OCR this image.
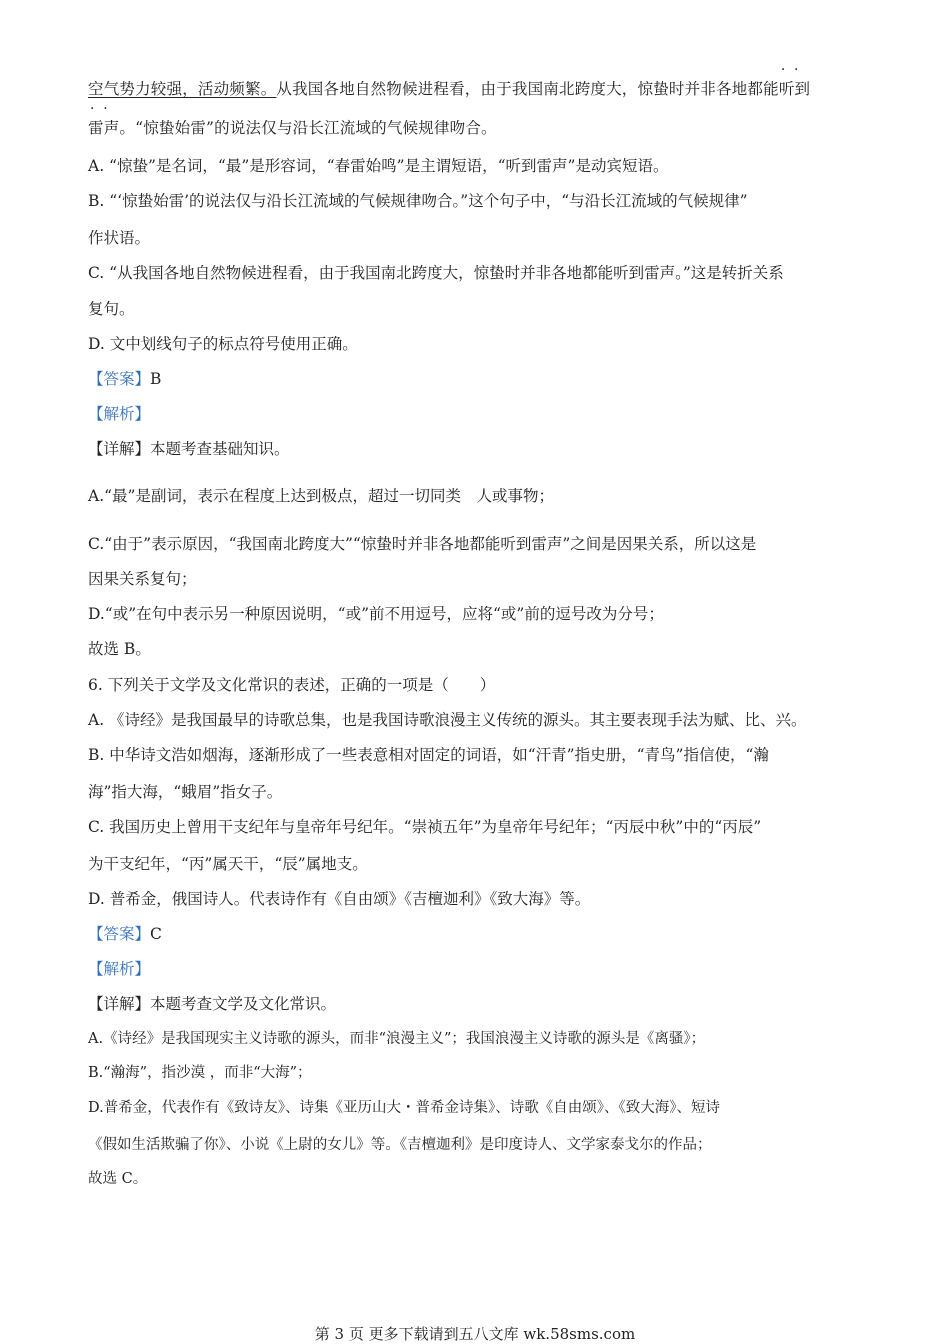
空气势力较强，活动频繁。从我国各地自然物候进程看，由于我国南北跨度大，惊蛰时并非各地都能· · 听到
· · 雷声。“惊蛰始雷”的说法仅与沿长江流域的气候规律吻合。
A. “惊蛰”是名词，“最”是形容词，“春雷始鸣”是主谓短语，“听到雷声”是动宾短语。
B. “‘惊蛰始雷’的说法仅与沿长江流域的气候规律吻合。”这个句子中，“与沿长江流域的气候规律”
作状语。
C. “从我国各地自然物候进程看，由于我国南北跨度大，惊蛰时并非各地都能听到雷声。”这是转折关系
复句。
D. 文中划线句子的标点符号使用正确。
【答案】B
【解析】
【详解】本题考查基础知识。
A.“最”是副词，表示在程度上达到极点，超过一切同类　人或事物；
C.“由于”表示原因，“我国南北跨度大”“惊蛰时并非各地都能听到雷声”之间是因果关系，所以这是
因果关系复句；
D.“或”在句中表示另一种原因说明，“或”前不用逗号，应将“或”前的逗号改为分号；
故选 B。
6. 下列关于文学及文化常识的表述，正确的一项是（　　）
A. 《诗经》是我国最早的诗歌总集，也是我国诗歌浪漫主义传统的源头。其主要表现手法为赋、比、兴。
B. 中华诗文浩如烟海，逐渐形成了一些表意相对固定的词语，如“汗青”指史册，“青鸟”指信使，“瀚
海”指大海，“蛾眉”指女子。
C. 我国历史上曾用干支纪年与皇帝年号纪年。“崇祯五年”为皇帝年号纪年；“丙辰中秋”中的“丙辰”
为干支纪年，“丙”属天干，“辰”属地支。
D. 普希金，俄国诗人。代表诗作有《自由颂》《吉檀迦利》《致大海》等。
【答案】C
【解析】
【详解】本题考查文学及文化常识。
A.《诗经》是我国现实主义诗歌的源头，而非“浪漫主义”；我国浪漫主义诗歌的源头是《离骚》；
B.“瀚海”，指沙漠 ，而非“大海”；
D.普希金，代表作有《致诗友》、诗集《亚历山大・普希金诗集》、诗歌《自由颂》、《致大海》、短诗
《假如生活欺骗了你》、小说《上尉的女儿》等。《吉檀迦利》是印度诗人、文学家泰戈尔的作品；
故选 C。
第 3 页 更多下载请到五八文库 wk.58sms.com
